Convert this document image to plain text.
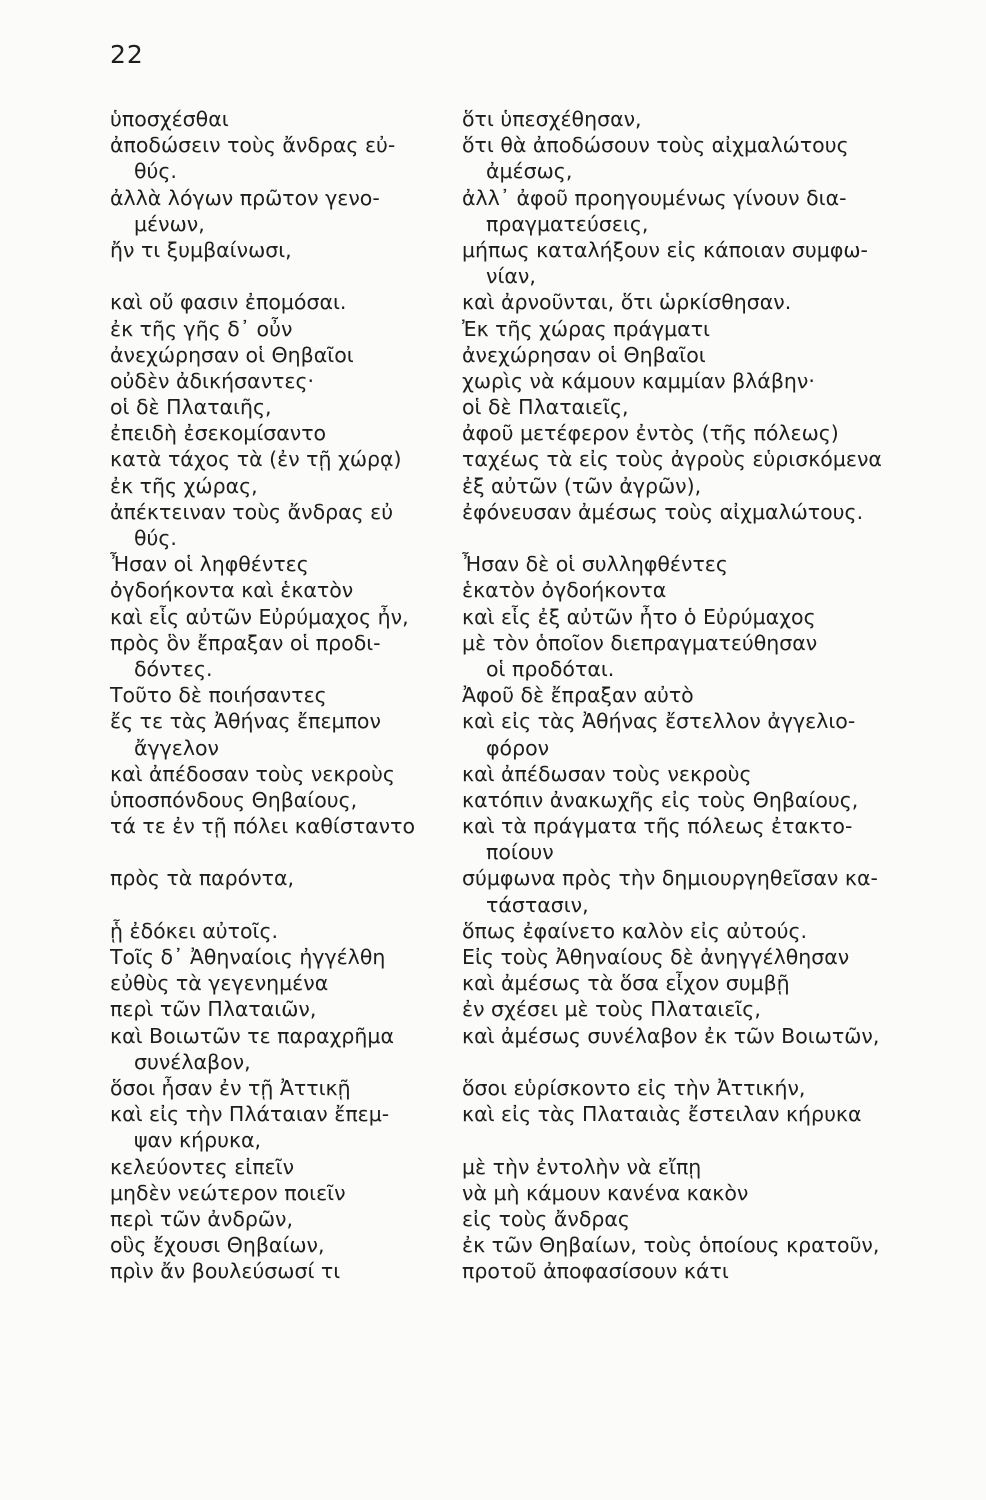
22
ὑποσχέσθαι
ἀποδώσειν τοὺς ἄνδρας εὐ-
θύς.
ἀλλὰ λόγων πρῶτον γενο-
μένων,
ἤν τι ξυμβαίνωσι,
καὶ οὔ φασιν ἐπομόσαι.
ἐκ τῆς γῆς δ᾽ οὖν
ἀνεχώρησαν οἱ Θηβαῖοι
οὐδὲν ἀδικήσαντες·
οἱ δὲ Πλαταιῆς,
ἐπειδὴ ἐσεκομίσαντο
κατὰ τάχος τὰ (ἐν τῇ χώρᾳ)
ἐκ τῆς χώρας,
ἀπέκτειναν τοὺς ἄνδρας εὐ
θύς.
Ἦσαν οἱ ληφθέντες
ὀγδοήκοντα καὶ ἑκατὸν
καὶ εἷς αὐτῶν Εὐρύμαχος ἦν,
πρὸς ὃν ἔπραξαν οἱ προδι-
δόντες.
Τοῦτο δὲ ποιήσαντες
ἔς τε τὰς Ἀθήνας ἔπεμπον
ἄγγελον
καὶ ἀπέδοσαν τοὺς νεκροὺς
ὑποσπόνδους Θηβαίους,
τά τε ἐν τῇ πόλει καθίσταντο
πρὸς τὰ παρόντα,
ᾗ ἐδόκει αὐτοῖς.
Τοῖς δ᾽ Ἀθηναίοις ἠγγέλθη
εὐθὺς τὰ γεγενημένα
περὶ τῶν Πλαταιῶν,
καὶ Βοιωτῶν τε παραχρῆμα
συνέλαβον,
ὅσοι ἦσαν ἐν τῇ Ἀττικῇ
καὶ εἰς τὴν Πλάταιαν ἔπεμ-
ψαν κήρυκα,
κελεύοντες εἰπεῖν
μηδὲν νεώτερον ποιεῖν
περὶ τῶν ἀνδρῶν,
οὓς ἔχουσι Θηβαίων,
πρὶν ἄν βουλεύσωσί τι
ὅτι ὑπεσχέθησαν,
ὅτι θὰ ἀποδώσουν τοὺς αἰχμαλώτους
ἀμέσως,
ἀλλ᾽ ἀφοῦ προηγουμένως γίνουν δια-
πραγματεύσεις,
μήπως καταλήξουν εἰς κάποιαν συμφω-
νίαν,
καὶ ἀρνοῦνται, ὅτι ὡρκίσθησαν.
Ἐκ τῆς χώρας πράγματι
ἀνεχώρησαν οἱ Θηβαῖοι
χωρὶς νὰ κάμουν καμμίαν βλάβην·
οἱ δὲ Πλαταιεῖς,
ἀφοῦ μετέφερον ἐντὸς (τῆς πόλεως)
ταχέως τὰ εἰς τοὺς ἀγροὺς εὑρισκόμενα
ἐξ αὐτῶν (τῶν ἀγρῶν),
ἐφόνευσαν ἀμέσως τοὺς αἰχμαλώτους.
Ἦσαν δὲ οἱ συλληφθέντες
ἑκατὸν ὀγδοήκοντα
καὶ εἷς ἐξ αὐτῶν ἦτο ὁ Εὐρύμαχος
μὲ τὸν ὁποῖον διεπραγματεύθησαν
οἱ προδόται.
Ἀφοῦ δὲ ἔπραξαν αὐτὸ
καὶ εἰς τὰς Ἀθήνας ἔστελλον ἀγγελιο-
φόρον
καὶ ἀπέδωσαν τοὺς νεκροὺς
κατόπιν ἀνακωχῆς εἰς τοὺς Θηβαίους,
καὶ τὰ πράγματα τῆς πόλεως ἐτακτο-
ποίουν
σύμφωνα πρὸς τὴν δημιουργηθεῖσαν κα-
τάστασιν,
ὅπως ἐφαίνετο καλὸν εἰς αὐτούς.
Εἰς τοὺς Ἀθηναίους δὲ ἀνηγγέλθησαν
καὶ ἀμέσως τὰ ὅσα εἶχον συμβῇ
ἐν σχέσει μὲ τοὺς Πλαταιεῖς,
καὶ ἀμέσως συνέλαβον ἐκ τῶν Βοιωτῶν,
ὅσοι εὑρίσκοντο εἰς τὴν Ἀττικήν,
καὶ εἰς τὰς Πλαταιὰς ἔστειλαν κήρυκα
μὲ τὴν ἐντολὴν νὰ εἴπῃ
νὰ μὴ κάμουν κανένα κακὸν
εἰς τοὺς ἄνδρας
ἐκ τῶν Θηβαίων, τοὺς ὁποίους κρατοῦν,
προτοῦ ἀποφασίσουν κάτι
